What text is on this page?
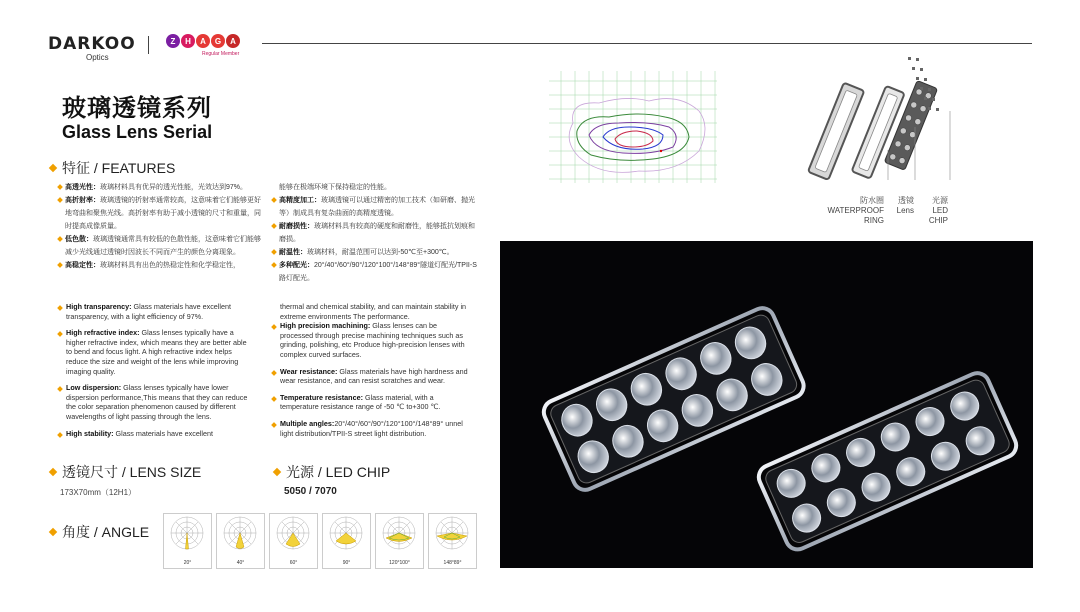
DARKOO
Optics
Z	H	A	G	A
Regular Member
玻璃透镜系列
Glass Lens Serial
特征 / FEATURES
高透光性：玻璃材料具有优异的透光性能，光效达到97%。
高折射率：玻璃透镜的折射率通常较高，这意味着它们能够更好地弯曲和聚焦光线。高折射率有助于减小透镜的尺寸和重量，同时提高成像质量。
低色散：玻璃透镜通常具有较低的色散性能，这意味着它们能够减少光线通过透镜时因波长不同而产生的颜色分离现象。
高稳定性：玻璃材料具有出色的热稳定性和化学稳定性，
能够在极端环境下保持稳定的性能。
高精度加工：玻璃透镜可以通过精密的加工技术（如研磨、抛光等）制成具有复杂曲面的高精度透镜。
耐磨损性：玻璃材料具有较高的硬度和耐磨性，能够抵抗划痕和磨损。
耐温性：玻璃材料，耐温范围可以达到-50℃至+300℃。
多种配光：20°/40°/60°/90°/120°100°/148°89°隧道灯配光/TPII-S路灯配光。
High transparency: Glass materials have excellent transparency, with a light efficiency of 97%.
High refractive index: Glass lenses typically have a higher refractive index, which means they are better able to bend and focus light. A high refractive index helps reduce the size and weight of the lens while improving imaging quality.
Low dispersion: Glass lenses typically have lower dispersion performance,This means that they can reduce the color separation phenomenon caused by different wavelengths of light passing through the lens.
High stability: Glass materials have excellent
thermal and chemical stability, and can maintain stability in extreme environments The performance.
High precision machining: Glass lenses can be processed through precise machining techniques such as grinding, polishing, etc Produce high-precision lenses with complex curved surfaces.
Wear resistance: Glass materials have high hardness and wear resistance, and can resist scratches and wear.
Temperature resistance: Glass material, with a temperature resistance range of -50 ℃ to+300 ℃.
Multiple angles:20°/40°/60°/90°/120°100°/148°89° unnel light distribution/TPII-S street light distribution.
透镜尺寸 / LENS SIZE
173X70mm（12H1）
光源 / LED CHIP
5050 / 7070
角度 / ANGLE
20°	40°	60°	90°	120°100°	148°89°
防水圈
WATERPROOF
RING
透镜
Lens
光源
LED
CHIP
